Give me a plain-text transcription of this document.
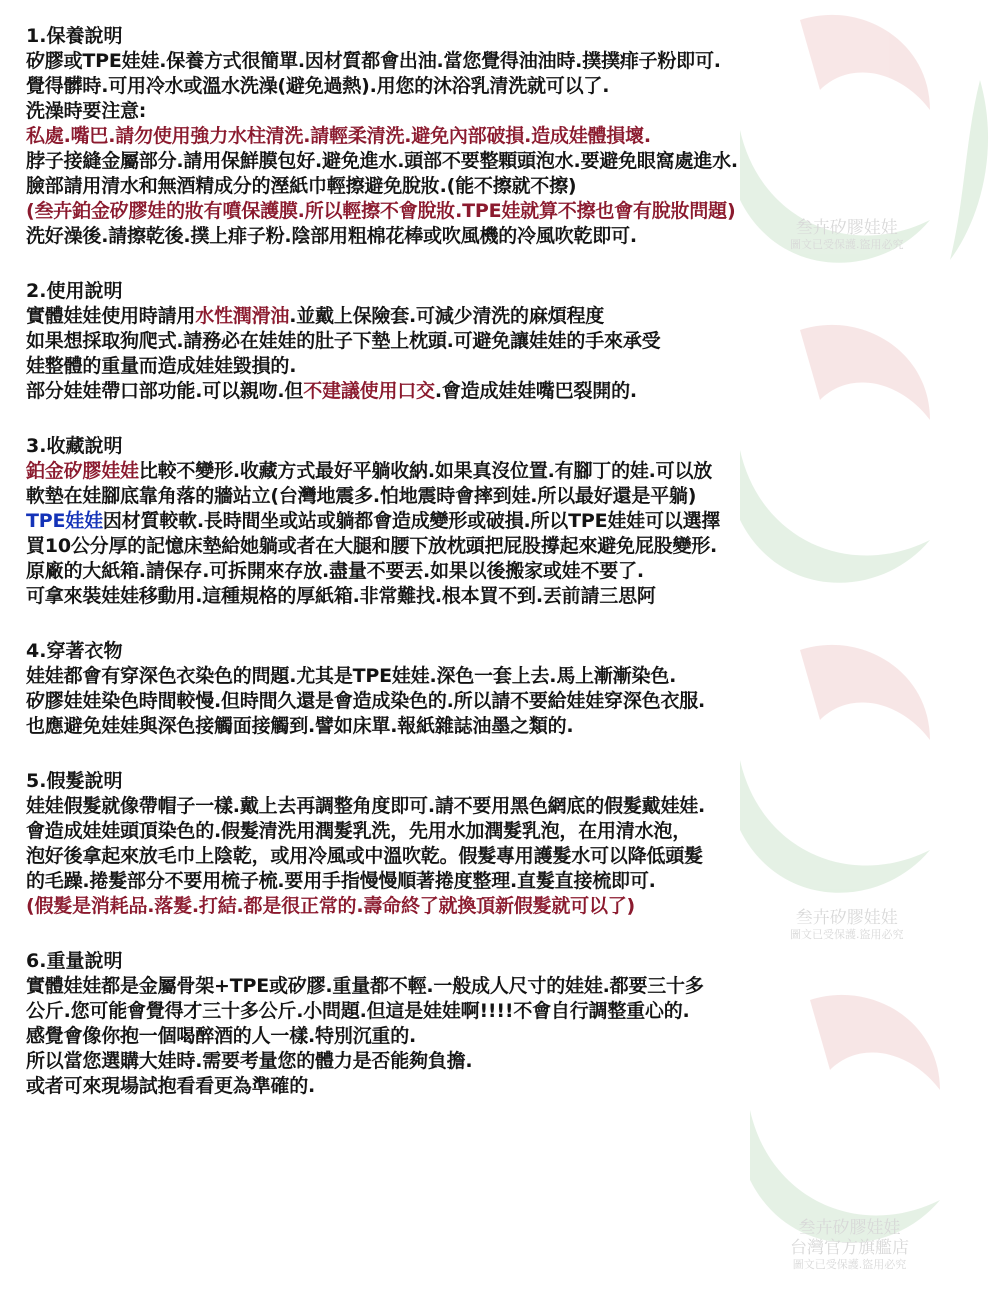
叁卉矽膠娃娃
圖文已受保護.盜用必究
叁卉矽膠娃娃
圖文已受保護.盜用必究
叁卉矽膠娃娃
台灣官方旗艦店
圖文已受保護.盜用必究
1.保養說明
矽膠或TPE娃娃.保養方式很簡單.因材質都會出油.當您覺得油油時.撲撲痱子粉即可.
覺得髒時.可用冷水或溫水洗澡(避免過熱).用您的沐浴乳清洗就可以了.
洗澡時要注意:
私處.嘴巴.請勿使用強力水柱清洗.請輕柔清洗.避免內部破損.造成娃體損壞.
脖子接縫金屬部分.請用保鮮膜包好.避免進水.頭部不要整顆頭泡水.要避免眼窩處進水.
臉部請用清水和無酒精成分的溼紙巾輕擦避免脫妝.(能不擦就不擦)
(叁卉鉑金矽膠娃的妝有噴保護膜.所以輕擦不會脫妝.TPE娃就算不擦也會有脫妝問題)
洗好澡後.請擦乾後.撲上痱子粉.陰部用粗棉花棒或吹風機的冷風吹乾即可.
2.使用說明
實體娃娃使用時請用水性潤滑油.並戴上保險套.可減少清洗的麻煩程度
如果想採取狗爬式.請務必在娃娃的肚子下墊上枕頭.可避免讓娃娃的手來承受
娃整體的重量而造成娃娃毀損的.
部分娃娃帶口部功能.可以親吻.但不建議使用口交.會造成娃娃嘴巴裂開的.
3.收藏說明
鉑金矽膠娃娃比較不變形.收藏方式最好平躺收納.如果真沒位置.有腳丁的娃.可以放
軟墊在娃腳底靠角落的牆站立(台灣地震多.怕地震時會摔到娃.所以最好還是平躺)
TPE娃娃因材質較軟.長時間坐或站或躺都會造成變形或破損.所以TPE娃娃可以選擇
買10公分厚的記憶床墊給她躺或者在大腿和腰下放枕頭把屁股撐起來避免屁股變形.
原廠的大紙箱.請保存.可拆開來存放.盡量不要丟.如果以後搬家或娃不要了.
可拿來裝娃娃移動用.這種規格的厚紙箱.非常難找.根本買不到.丟前請三思阿
4.穿著衣物
娃娃都會有穿深色衣染色的問題.尤其是TPE娃娃.深色一套上去.馬上漸漸染色.
矽膠娃娃染色時間較慢.但時間久還是會造成染色的.所以請不要給娃娃穿深色衣服.
也應避免娃娃與深色接觸面接觸到.譬如床單.報紙雜誌油墨之類的.
5.假髮說明
娃娃假髮就像帶帽子一樣.戴上去再調整角度即可.請不要用黑色網底的假髮戴娃娃.
會造成娃娃頭頂染色的.假髮清洗用潤髮乳洗，先用水加潤髮乳泡，在用清水泡，
泡好後拿起來放毛巾上陰乾，或用冷風或中溫吹乾。假髮專用護髮水可以降低頭髮
的毛躁.捲髮部分不要用梳子梳.要用手指慢慢順著捲度整理.直髮直接梳即可.
(假髮是消耗品.落髮.打結.都是很正常的.壽命終了就換頂新假髮就可以了)
6.重量說明
實體娃娃都是金屬骨架+TPE或矽膠.重量都不輕.一般成人尺寸的娃娃.都要三十多
公斤.您可能會覺得才三十多公斤.小問題.但這是娃娃啊!!!!不會自行調整重心的.
感覺會像你抱一個喝醉酒的人一樣.特別沉重的.
所以當您選購大娃時.需要考量您的體力是否能夠負擔.
或者可來現場試抱看看更為準確的.
